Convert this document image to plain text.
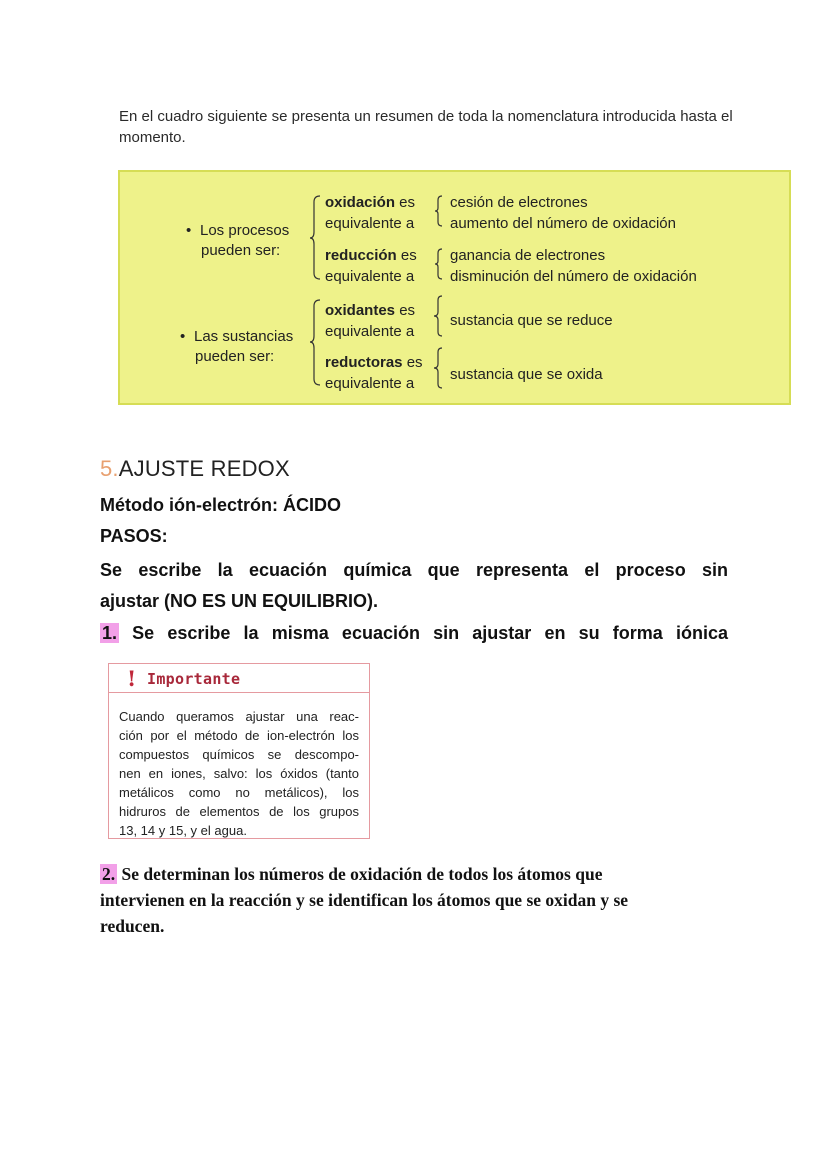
En el cuadro siguiente se presenta un resumen de toda la nomenclatura introducida hasta el
momento.
• Los procesos
pueden ser:
oxidación es
equivalente a
cesión de electrones
aumento del número de oxidación
reducción es
equivalente a
ganancia de electrones
disminución del número de oxidación
• Las sustancias
pueden ser:
oxidantes es
equivalente a
sustancia que se reduce
reductoras es
equivalente a
sustancia que se oxida
5.AJUSTE REDOX
Método ión-electrón: ÁCIDO
PASOS:
Se escribe la ecuación química que representa el proceso sin
ajustar (NO ES UN EQUILIBRIO).
1. Se escribe la misma ecuación sin ajustar en su forma iónica
! Importante
Cuando queramos ajustar una reac-
ción por el método de ion-electrón los
compuestos químicos se descompo-
nen en iones, salvo: los óxidos (tanto
metálicos como no metálicos), los
hidruros de elementos de los grupos
13, 14 y 15, y el agua.
2. Se determinan los números de oxidación de todos los átomos que
intervienen en la reacción y se identifican los átomos que se oxidan y se
reducen.
